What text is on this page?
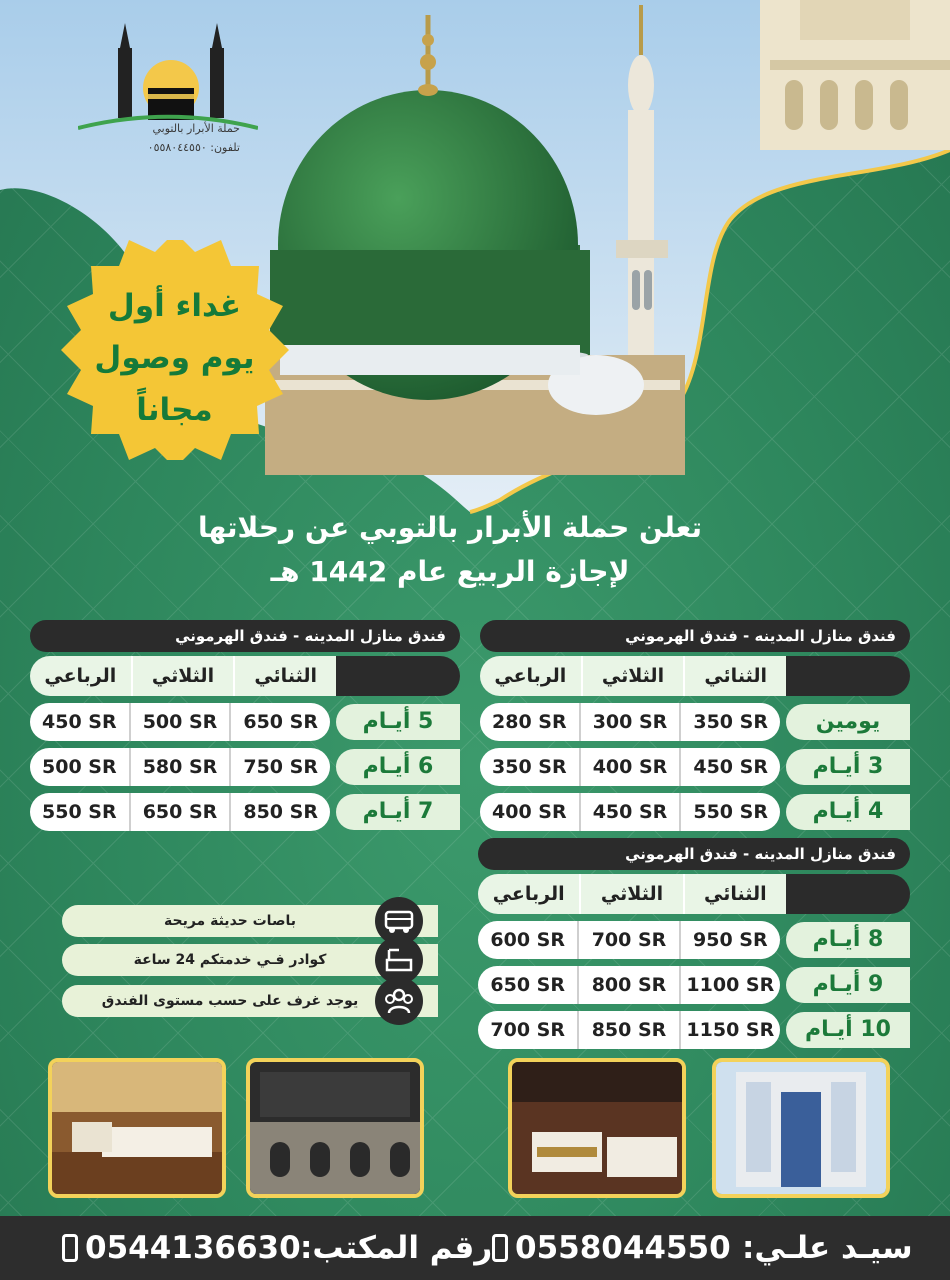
حملة الأبرار بالتوبي
تلفون: ٠٥٥٨٠٤٤٥٥٠
غداء أول
يوم وصول
مجاناً
تعلن حملة الأبرار بالتوبي عن رحلاتها
لإجازة الربيع عام 1442 هـ
فندق منازل المدينه - فندق الهرموني
الثنائي
الثلاثي
الرباعي
يومين
350 SR
300 SR
280 SR
3 أيـام
450 SR
400 SR
350 SR
4 أيـام
550 SR
450 SR
400 SR
فندق منازل المدينه - فندق الهرموني
الثنائي
الثلاثي
الرباعي
5 أيـام
650 SR
500 SR
450 SR
6 أيـام
750 SR
580 SR
500 SR
7 أيـام
850 SR
650 SR
550 SR
فندق منازل المدينه - فندق الهرموني
الثنائي
الثلاثي
الرباعي
8 أيـام
950 SR
700 SR
600 SR
9 أيـام
1100 SR
800 SR
650 SR
10 أيـام
1150 SR
850 SR
700 SR
باصات حديثة مريحة
كوادر فـي خدمتكم 24 ساعة
يوجد غرف على حسب مستوى الفندق
سيـد علـي:
0558044550
رقم المكتب:
0544136630
